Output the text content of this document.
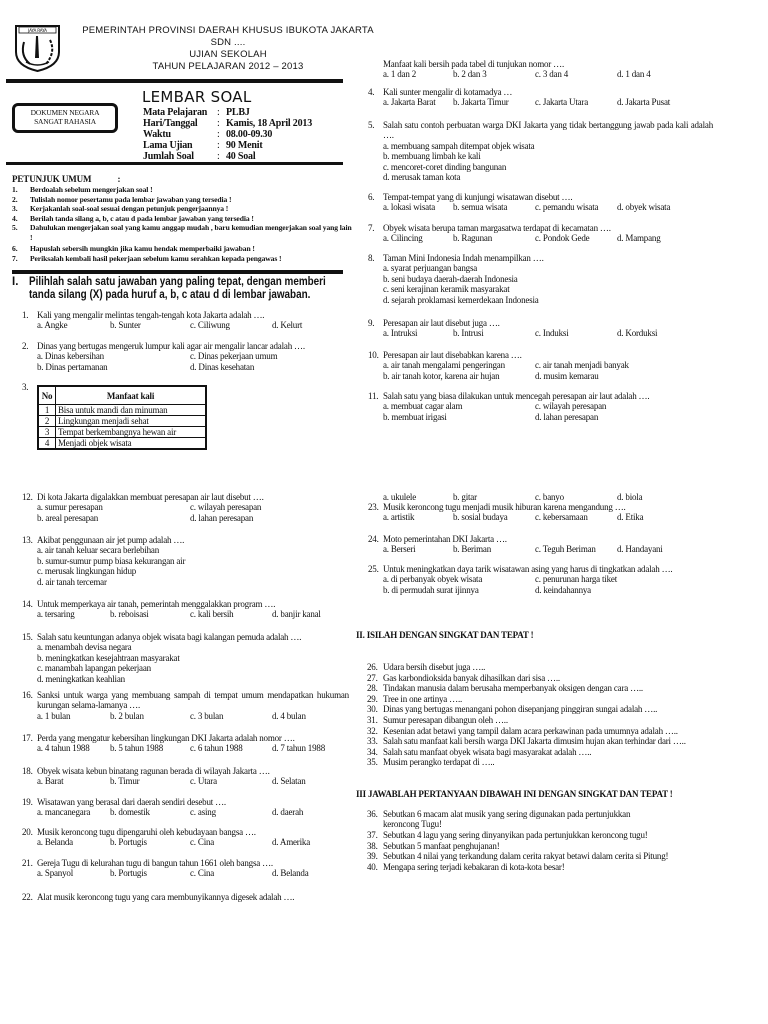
JAYA RAYA	PEMERINTAH PROVINSI DAERAH KHUSUS IBUKOTA JAKARTA
SDN ....
UJIAN SEKOLAH
TAHUN PELAJARAN 2012 – 2013
DOKUMEN NEGARA
SANGAT RAHASIA
LEMBAR SOAL
PETUNJUK UMUM	:
I. Pilihlah salah satu jawaban yang paling tepat, dengan memberi
tanda silang (X) pada huruf a, b, c atau d di lembar jawaban.
3.
No	Manfaat kali
1	Bisa untuk mandi dan minuman
2	Lingkungan menjadi sehat
3	Tempat berkembangnya hewan air
4	Menjadi objek wisata
II. ISILAH DENGAN SINGKAT DAN TEPAT !
III JAWABLAH PERTANYAAN DIBAWAH INI DENGAN SINGKAT DAN TEPAT !
Mata Pelajaran : PLBJ
Hari/Tanggal : Kamis, 18 April 2013
Waktu	: 08.00-09.30
Lama Ujian : 90 Menit
Jumlah Soal : 40 Soal
1. Berdoalah sebelum mengerjakan soal !
2. Tulislah nomor pesertamu pada lembar jawaban yang tersedia !
3. Kerjakanlah soal-soal sesuai dengan petunjuk pengerjaannya !
4. Berilah tanda silang a, b, c atau d pada lembar jawaban yang tersedia !
5. Dahulukan mengerjakan soal yang kamu anggap mudah , baru kemudian mengerjakan soal yang lain !
6. Hapuslah sebersih mungkin jika kamu hendak memperbaiki jawaban !
7. Periksalah kembali hasil pekerjaan sebelum kamu serahkan kepada pengawas !
1. Kali yang mengalir melintas tengah-tengah kota Jakarta adalah ….
a. Angke	b. Sunter	c. Ciliwung	d. Kelurt
2. Dinas yang bertugas mengeruk lumpur kali agar air mengalir lancar adalah ….
a. Dinas kebersihan
b. Dinas pertamanan
c. Dinas pekerjaan umum
d. Dinas kesehatan
Manfaat kali bersih pada tabel di tunjukan nomor ….
a. 1 dan 2	b. 2 dan 3	c. 3 dan 4	d. 1 dan 4
4. Kali sunter mengalir di kotamadya …
a. Jakarta Barat b. Jakarta Timur	c. Jakarta Utara	d. Jakarta Pusat
5. Salah satu contoh perbuatan warga DKI Jakarta yang tidak bertanggung jawab pada kali adalah ….
a. membuang sampah ditempat objek wisata
b. membuang limbah ke kali
c. mencoret-coret dinding bangunan
d. merusak taman kota
6. Tempat-tempat yang di kunjungi wisatawan disebut ….
a. lokasi wisata b. semua wisata	c. pemandu wisata d. obyek wisata
7. Obyek wisata berupa taman margasatwa terdapat di kecamatan ….
a. Cilincing	b. Ragunan	c. Pondok Gede	d. Mampang
8. Taman Mini Indonesia Indah menampilkan ….
a. syarat perjuangan bangsa
b. seni budaya daerah-daerah Indonesia
c. seni kerajinan keramik masyarakat
d. sejarah proklamasi kemerdekaan Indonesia
9. Peresapan air laut disebut juga ….
a. Intruksi	b. Intrusi	c. Induksi	d. Korduksi
10. Peresapan air laut disebabkan karena ….
a. air tanah mengalami pengeringan
b. air tanah kotor, karena air hujan
c. air tanah menjadi banyak
d. musim kemarau
11. Salah satu yang biasa dilakukan untuk mencegah peresapan air laut adalah ….
a. membuat cagar alam
b. membuat irigasi
c. wilayah peresapan
d. lahan peresapan
12. Di kota Jakarta digalakkan membuat peresapan air laut disebut ….
a. sumur peresapan
b. areal peresapan
c. wilayah peresapan
d. lahan peresapan
13. Akibat penggunaan air jet pump adalah ….
a. air tanah keluar secara berlebihan
b. sumur-sumur pump biasa kekurangan air
c. merusak lingkungan hidup
d. air tanah tercemar
14. Untuk memperkaya air tanah, pemerintah menggalakkan program ….
a. tersaring	b. reboisasi	c. kali bersih	d. banjir kanal
15. Salah satu keuntungan adanya objek wisata bagi kalangan pemuda adalah ….
a. menambah devisa negara
b. meningkatkan kesejahtraan masyarakat
c. manambah lapangan pekerjaan
d. meningkatkan keahlian
16. Sanksi untuk warga yang membuang sampah di tempat umum mendapatkan hukuman kurungan selama-lamanya ….
a. 1 bulan	b. 2 bulan	c. 3 bulan	d. 4 bulan
17. Perda yang mengatur kebersihan lingkungan DKI Jakarta adalah nomor ….
a. 4 tahun 1988 b. 5 tahun 1988	c. 6 tahun 1988	d. 7 tahun 1988
18. Obyek wisata kebun binatang ragunan berada di wilayah Jakarta ….
a. Barat	b. Timur	c. Utara	d. Selatan
19. Wisatawan yang berasal dari daerah sendiri desebut ….
a. mancanegara b. domestik	c. asing	d. daerah
20. Musik keroncong tugu dipengaruhi oleh kebudayaan bangsa ….
a. Belanda	b. Portugis	c. Cina	d. Amerika
21. Gereja Tugu di kelurahan tugu di bangun tahun 1661 oleh bangsa ….
a. Spanyol	b. Portugis	c. Cina	d. Belanda
22. Alat musik keroncong tugu yang cara membunyikannya digesek adalah ….
a. ukulele	b. gitar	c. banyo	d. biola
23. Musik keroncong tugu menjadi musik hiburan karena mengandung ….
a. artistik	b. sosial budaya	c. kebersamaan	d. Etika
24. Moto pemerintahan DKI Jakarta ….
a. Berseri	b. Beriman	c. Teguh Beriman d. Handayani
25. Untuk meningkatkan daya tarik wisatawan asing yang harus di tingkatkan adalah ….
a. di perbanyak obyek wisata
b. di permudah surat ijinnya
c. penurunan harga tiket
d. keindahannya
26. Udara bersih disebut juga …..
27. Gas karbondioksida banyak dihasilkan dari sisa …..
28. Tindakan manusia dalam berusaha memperbanyak oksigen dengan cara …..
29. Tree in one artinya …..
30. Dinas yang bertugas menangani pohon disepanjang pinggiran sungai adalah …..
31. Sumur peresapan dibangun oleh …..
32. Kesenian adat betawi yang tampil dalam acara perkawinan pada umumnya adalah …..
33. Salah satu manfaat kali bersih warga DKI Jakarta dimusim hujan akan terhindar dari …..
34. Salah satu manfaat obyek wisata bagi masyarakat adalah …..
35. Musim perangko terdapat di …..
36. Sebutkan 6 macam alat musik yang sering digunakan pada pertunjukkan
keroncong Tugu!
37. Sebutkan 4 lagu yang sering dinyanyikan pada pertunjukkan keroncong tugu!
38. Sebutkan 5 manfaat penghujanan!
39. Sebutkan 4 nilai yang terkandung dalam cerita rakyat betawi dalam cerita si Pitung!
40. Mengapa sering terjadi kebakaran di kota-kota besar!
